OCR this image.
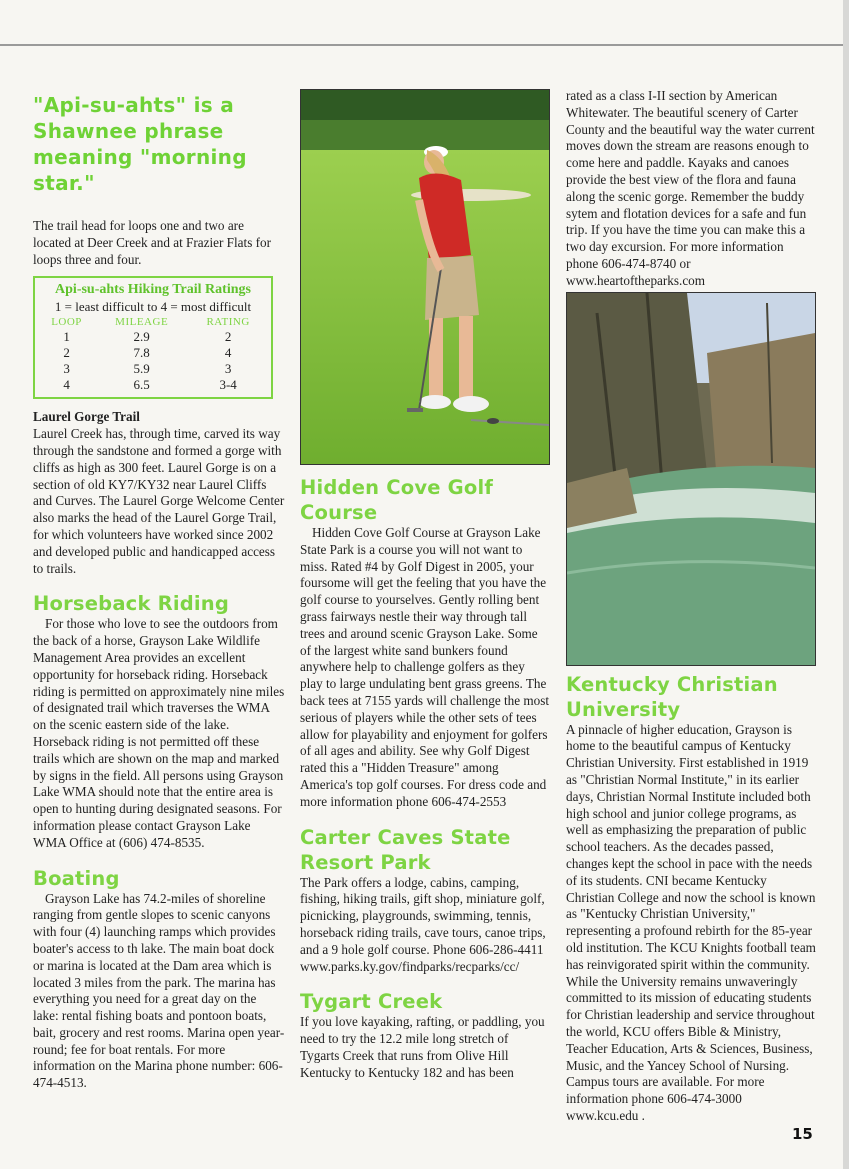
"Api-su-ahts" is a Shawnee phrase meaning "morning star."

The trail head for loops one and two are located at Deer Creek and at Frazier Flats for loops three and four.

Api-su-ahts Hiking Trail Ratings
1 = least difficult to 4 = most difficult
LOOP	MILEAGE	RATING
1	2.9	2
2	7.8	4
3	5.9	3
4	6.5	3-4
Laurel Gorge Trail

Laurel Creek has, through time, carved its way through the sandstone and formed a gorge with cliffs as high as 300 feet. Laurel Gorge is on a section of old KY7/KY32 near Laurel Cliffs and Curves. The Laurel Gorge Welcome Center also marks the head of the Laurel Gorge Trail, for which volunteers have worked since 2002 and developed public and handicapped access to trails.

Horseback Riding

For those who love to see the outdoors from the back of a horse, Grayson Lake Wildlife Management Area provides an excellent opportunity for horseback riding. Horseback riding is permitted on approximately nine miles of designated trail which traverses the WMA on the scenic eastern side of the lake. Horseback riding is not permitted off these trails which are shown on the map and marked by signs in the field. All persons using Grayson Lake WMA should note that the entire area is open to hunting during designated seasons. For information please contact Grayson Lake WMA Office at (606) 474-8535.

Boating

Grayson Lake has 74.2-miles of shoreline ranging from gentle slopes to scenic canyons with four (4) launching ramps which provides boater's access to th lake. The main boat dock or marina is located at the Dam area which is located 3 miles from the park. The marina has everything you need for a great day on the lake: rental fishing boats and pontoon boats, bait, grocery and rest rooms. Marina open year-round; fee for boat rentals. For more information on the Marina phone number: 606-474-4513.

Hidden Cove Golf Course

Hidden Cove Golf Course at Grayson Lake State Park is a course you will not want to miss. Rated #4 by Golf Digest in 2005, your foursome will get the feeling that you have the golf course to yourselves. Gently rolling bent grass fairways nestle their way through tall trees and around scenic Grayson Lake. Some of the largest white sand bunkers found anywhere help to challenge golfers as they play to large undulating bent grass greens. The back tees at 7155 yards will challenge the most serious of players while the other sets of tees allow for playability and enjoyment for golfers of all ages and ability. See why Golf Digest rated this a "Hidden Treasure" among America's top golf courses. For dress code and more information phone 606-474-2553

Carter Caves State Resort Park

The Park offers a lodge, cabins, camping, fishing, hiking trails, gift shop, miniature golf, picnicking, playgrounds, swimming, tennis, horseback riding trails, cave tours, canoe trips, and a 9 hole golf course. Phone 606-286-4411 www.parks.ky.gov/findparks/recparks/cc/

Tygart Creek

If you love kayaking, rafting, or paddling, you need to try the 12.2 mile long stretch of Tygarts Creek that runs from Olive Hill Kentucky to Kentucky 182 and has been

rated as a class I-II section by American Whitewater. The beautiful scenery of Carter County and the beautiful way the water current moves down the stream are reasons enough to come here and paddle. Kayaks and canoes provide the best view of the flora and fauna along the scenic gorge. Remember the buddy sytem and flotation devices for a safe and fun trip. If you have the time you can make this a two day excursion. For more information phone 606-474-8740 or www.heartoftheparks.com

Kentucky Christian University

A pinnacle of higher education, Grayson is home to the beautiful campus of Kentucky Christian University. First established in 1919 as "Christian Normal Institute," in its earlier days, Christian Normal Institute included both high school and junior college programs, as well as emphasizing the preparation of public school teachers. As the decades passed, changes kept the school in pace with the needs of its students. CNI became Kentucky Christian College and now the school is known as "Kentucky Christian University," representing a profound rebirth for the 85-year old institution. The KCU Knights football team has reinvigorated spirit within the community. While the University remains unwaveringly committed to its mission of educating students for Christian leadership and service throughout the world, KCU offers Bible & Ministry, Teacher Education, Arts & Sciences, Business, Music, and the Yancey School of Nursing. Campus tours are available. For more information phone 606-474-3000 www.kcu.edu .

15
